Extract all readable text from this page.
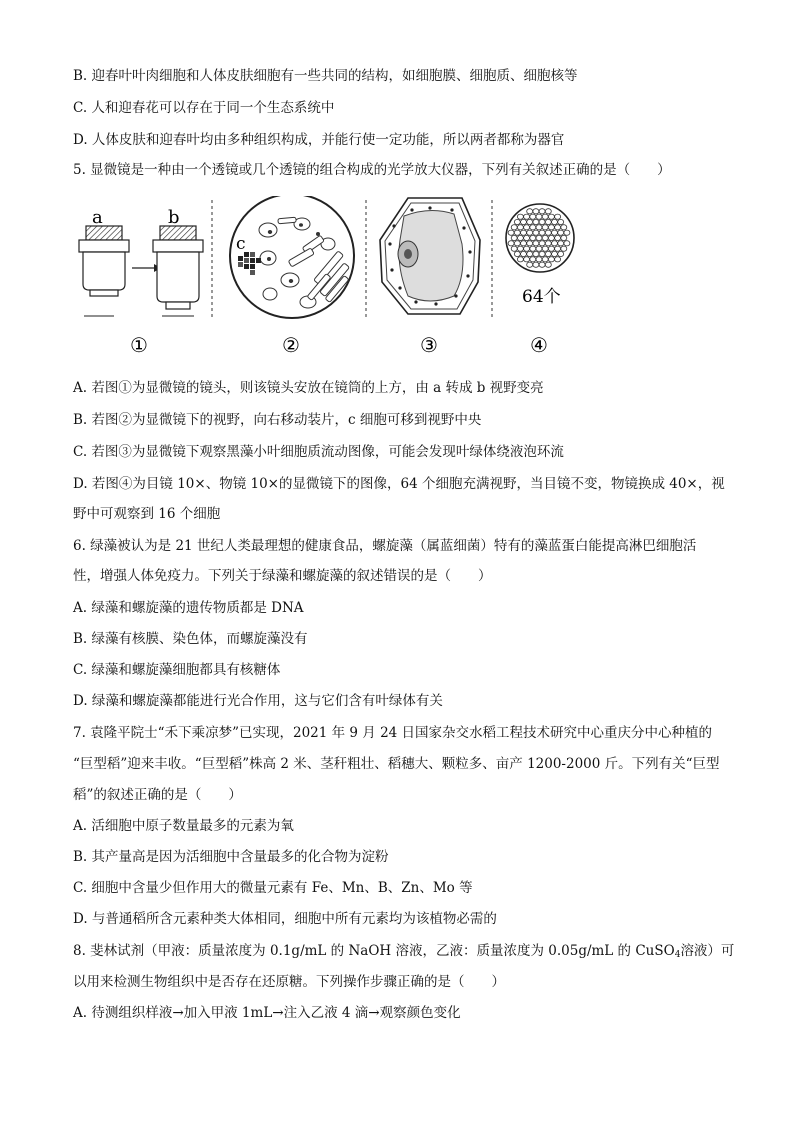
B. 迎春叶叶肉细胞和人体皮肤细胞有一些共同的结构，如细胞膜、细胞质、细胞核等
C. 人和迎春花可以存在于同一个生态系统中
D. 人体皮肤和迎春叶均由多种组织构成，并能行使一定功能，所以两者都称为器官
5. 显微镜是一种由一个透镜或几个透镜的组合构成的光学放大仪器，下列有关叙述正确的是（　　）
a	b
c
64个
①	②	③	④
A. 若图①为显微镜的镜头，则该镜头安放在镜筒的上方，由 a 转成 b 视野变亮
B. 若图②为显微镜下的视野，向右移动装片，c 细胞可移到视野中央
C. 若图③为显微镜下观察黑藻小叶细胞质流动图像，可能会发现叶绿体绕液泡环流
D. 若图④为目镜 10×、物镜 10×的显微镜下的图像，64 个细胞充满视野，当目镜不变，物镜换成 40×，视
野中可观察到 16 个细胞
6. 绿藻被认为是 21 世纪人类最理想的健康食品，螺旋藻（属蓝细菌）特有的藻蓝蛋白能提高淋巴细胞活
性，增强人体免疫力。下列关于绿藻和螺旋藻的叙述错误的是（　　）
A. 绿藻和螺旋藻的遗传物质都是 DNA
B. 绿藻有核膜、染色体，而螺旋藻没有
C. 绿藻和螺旋藻细胞都具有核糖体
D. 绿藻和螺旋藻都能进行光合作用，这与它们含有叶绿体有关
7. 袁隆平院士“禾下乘凉梦”已实现，2021 年 9 月 24 日国家杂交水稻工程技术研究中心重庆分中心种植的
“巨型稻”迎来丰收。“巨型稻”株高 2 米、茎秆粗壮、稻穗大、颗粒多、亩产 1200-2000 斤。下列有关“巨型
稻”的叙述正确的是（　　）
A. 活细胞中原子数量最多的元素为氧
B. 其产量高是因为活细胞中含量最多的化合物为淀粉
C. 细胞中含量少但作用大的微量元素有 Fe、Mn、B、Zn、Mo 等
D. 与普通稻所含元素种类大体相同，细胞中所有元素均为该植物必需的
8. 斐林试剂（甲液：质量浓度为 0.1g/mL 的 NaOH 溶液，乙液：质量浓度为 0.05g/mL 的 CuSO$_4$溶液）可
以用来检测生物组织中是否存在还原糖。下列操作步骤正确的是（　　）
A. 待测组织样液→加入甲液 1mL→注入乙液 4 滴→观察颜色变化
